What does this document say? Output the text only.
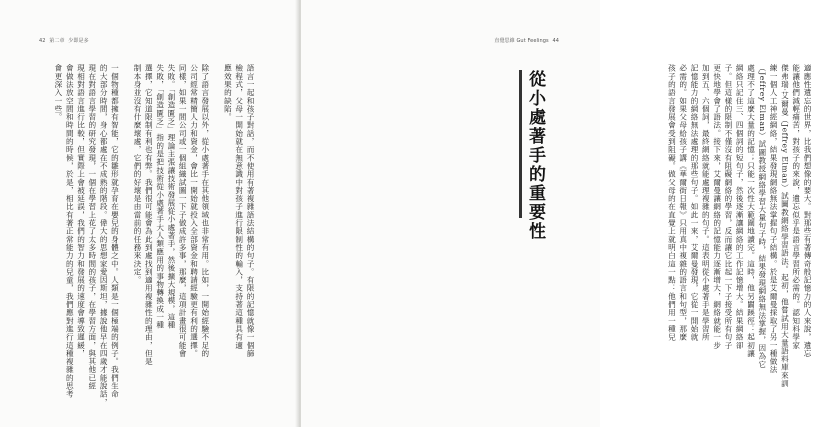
42 第二章 少即是多
語言一起和孩子對話，而不使用有著複雜語法結構的句子。有限的記憶就像一個篩
檢程式，父母一開始就在無意識中對孩子進行限制性的輸入，支持著這種具有適
應效果的缺陷。
除了語言發展以外，從小處著手在其他領域也非常有用。比如，一開始經驗不足的
公司經常精簡人力和資金，會比一開始就投入全部資金和聘請經驗更有利的選擇。
同樣，如果一間公司或一個組織試圖一下子做成許多事，那麼，這項計畫很可能會
失敗。「創造匱乏」理論主張讓技術發展從小處著手，然後擴大規模，這種
失敗，「創造匱乏」指的是把技術從小處著手大人類應用的事物轉換成一種
選擇，它知道限制有利也有弊。我們很可能會為此到處找到適用複雜性的理由，但是
制本身並沒有什麼壞處，它們的好壞是由當前的任務來決定。
一個物種都擁有智能，它的雛形就孕育在嬰兒的身體之中。人類是一個極端的例子。我們生命
的大部分時間，身心都處在不成熟的階段。偉大的思想家愛因斯坦，據說他早在四歲才能說話，
現在對語言學習的研究發現，一個在學習上花了太多時間的孩子，在學習方面，與其他已經
現相對語言進行比較，但實際上會被延誤，我們的智力和發展的速度會導致遲緩，
會做法放空間和時間的時候，於是，相比有著正常能力的兒童，我們應對進行這種複雜的思考
會更深入一些。
直覺思維 Gut Feelings 44
適應性遺忘的世界，比我們想像的要大。對那些有著傳奇般記憶力的人來說，遺忘
能讓他們減輕痛苦，對孩子的來說，遺忘似乎是語言學習所必需的。認知科學家
傑弗瑞·艾爾曼（Jeffrey Elman）試圖教網絡學習語法。起初，他嘗試用大量語料庫來訓
練一個人工神經網絡，結果發現網絡無法掌握句子結構。於是艾爾曼採取了另一種做法
（Jeffrey Elman）試圖教授網絡學習大量句子時，結果發現網絡無法掌握，因為它
處理不了這麼大量的記憶；只能一次性大範圍地讀完。這時，他另闢蹊徑：起初讓
網絡只記住三、四個詞的短句子，然後逐漸讓網絡的工作記憶增大。結果網絡卻
子。但這樣的限制不僅沒有阻礙網絡的學習，反而讓它比起一下子接受所有句子
更快地學會了語法。接下來，艾爾曼讓網絡的記憶能力逐漸增大，網絡就能一步
加到五、六個詞，最終網絡就能處理複雜的句子。這表明從小處著手是學習所
記憶能力的網絡無法處理的那些句子。如此一來，艾爾曼發現，它從一開始就
必需的。如果父母給孩子講《華爾街日報》只用真中複雜的語言和句型，那麼
孩子的語言發展會受到阻礙。做父母的在直覺上就明白這一點：他們用一種兒
從小處著手的重要性
